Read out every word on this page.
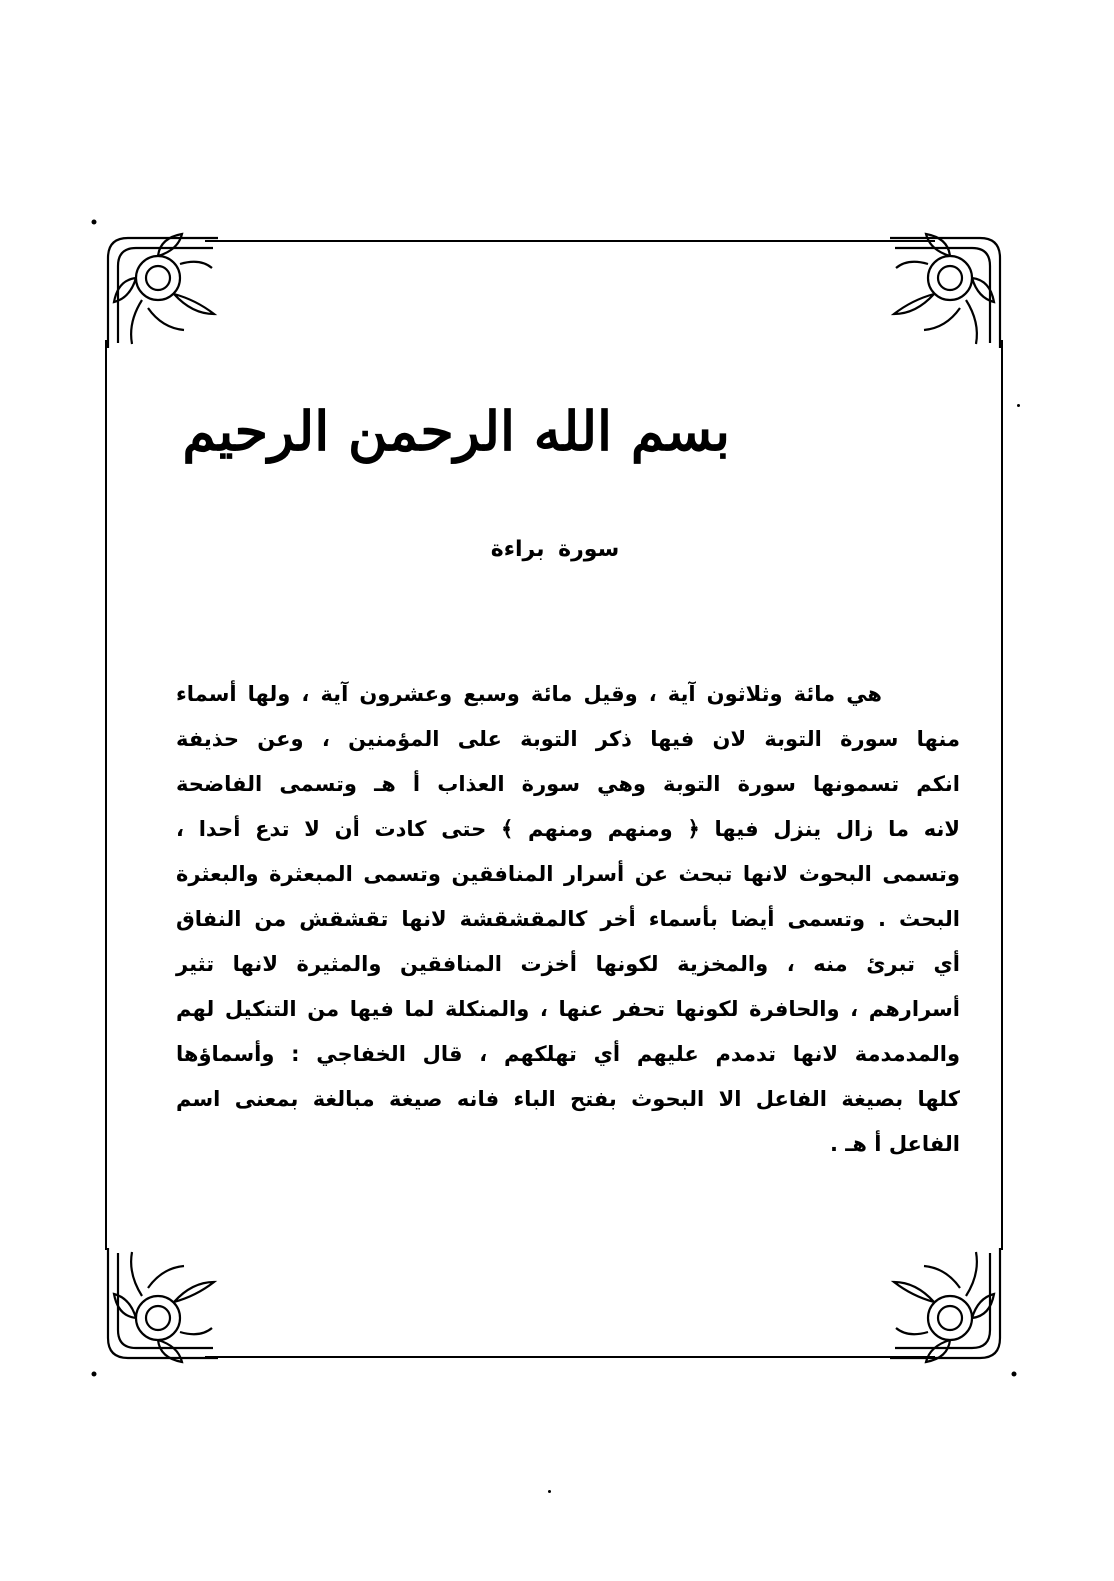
بسم الله الرحمن الرحيم
سورة براءة
هي مائة وثلاثون آية ، وقيل مائة وسبع وعشرون آية ، ولها أسماء
منها سورة التوبة لان فيها ذكر التوبة على المؤمنين ، وعن حذيفة
انكم تسمونها سورة التوبة وهي سورة العذاب أ هـ وتسمى الفاضحة
لانه ما زال ينزل فيها ﴿ ومنهم ومنهم ﴾ حتى كادت أن لا تدع أحدا ،
وتسمى البحوث لانها تبحث عن أسرار المنافقين وتسمى المبعثرة والبعثرة
البحث . وتسمى أيضا بأسماء أخر كالمقشقشة لانها تقشقش من النفاق
أي تبرئ منه ، والمخزية لكونها أخزت المنافقين والمثيرة لانها تثير
أسرارهم ، والحافرة لكونها تحفر عنها ، والمنكلة لما فيها من التنكيل لهم
والمدمدمة لانها تدمدم عليهم أي تهلكهم ، قال الخفاجي : وأسماؤها
كلها بصيغة الفاعل الا البحوث بفتح الباء فانه صيغة مبالغة بمعنى اسم
الفاعل أ هـ .
